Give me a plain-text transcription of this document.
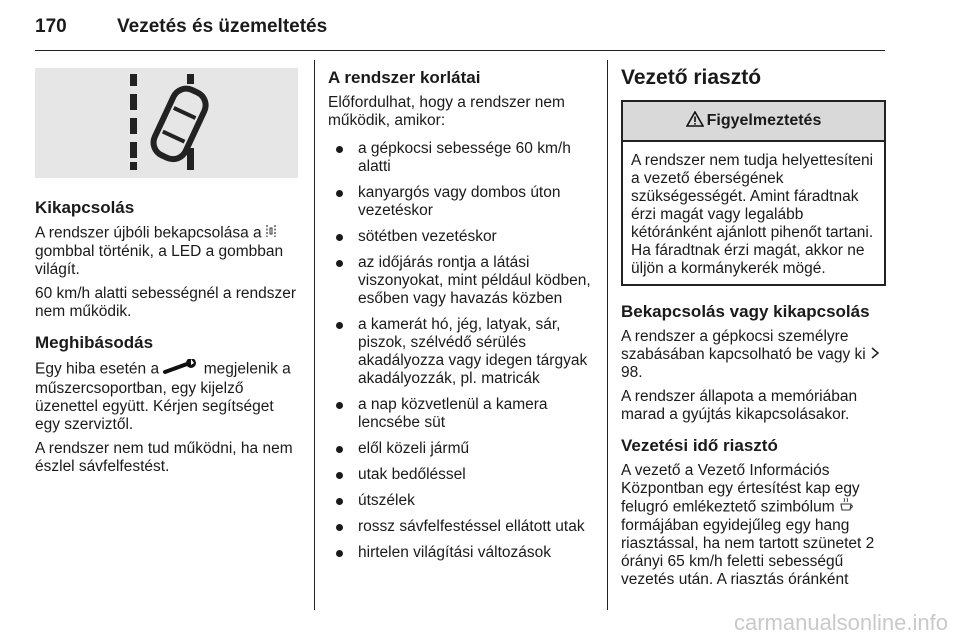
170	Vezetés és üzemeltetés
Kikapcsolás

A rendszer újbóli bekapcsolása a  gombbal történik, a LED a gombban világít.

60 km/h alatti sebességnél a rendszer nem működik.

Meghibásodás

Egy hiba esetén a	megjelenik a műszercsoportban, egy kijelző üzenettel együtt. Kérjen segítséget egy szerviztől.

A rendszer nem tud működni, ha nem észlel sávfelfestést.

A rendszer korlátai

Előfordulhat, hogy a rendszer nem működik, amikor:

a gépkocsi sebessége 60 km/h alatti
kanyargós vagy dombos úton vezetéskor
sötétben vezetéskor
az időjárás rontja a látási viszonyokat, mint például ködben, esőben vagy havazás közben
a kamerát hó, jég, latyak, sár, piszok, szélvédő sérülés akadályozza vagy idegen tárgyak akadályozzák, pl. matricák
a nap közvetlenül a kamera lencsébe süt
elől közeli jármű
utak bedőléssel
útszélek
rossz sávfelfestéssel ellátott utak
hirtelen világítási változások
Vezető riasztó
Figyelmeztetés

A rendszer nem tudja helyettesíteni a vezető éberségének szükségességét. Amint fáradtnak érzi magát vagy legalább kétóránként ajánlott pihenőt tartani. Ha fáradtnak érzi magát, akkor ne üljön a kormánykerék mögé.

Bekapcsolás vagy kikapcsolás

A rendszer a gépkocsi személyre szabásában kapcsolható be vagy ki  98.

A rendszer állapota a memóriában marad a gyújtás kikapcsolásakor.

Vezetési idő riasztó

A vezető a Vezető Információs Központban egy értesítést kap egy felugró emlékeztető szimbólum  formájában egyidejűleg egy hang riasztással, ha nem tartott szünetet 2 órányi 65 km/h feletti sebességű vezetés után. A riasztás óránként

carmanualsonline.info
